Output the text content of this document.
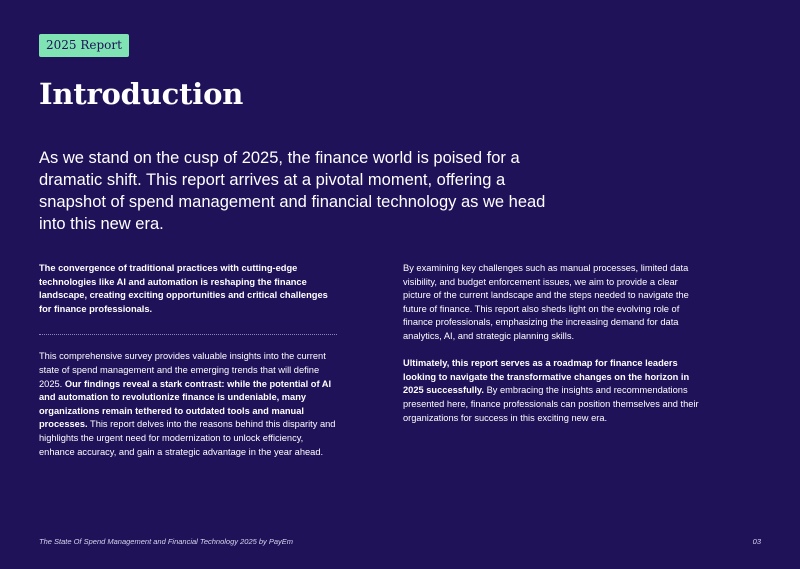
2025 Report
Introduction

As we stand on the cusp of 2025, the finance world is poised for a dramatic shift. This report arrives at a pivotal moment, offering a snapshot of spend management and financial technology as we head into this new era.

The convergence of traditional practices with cutting-edge technologies like AI and automation is reshaping the finance landscape, creating exciting opportunities and critical challenges for finance professionals.

This comprehensive survey provides valuable insights into the current state of spend management and the emerging trends that will define 2025. Our findings reveal a stark contrast: while the potential of AI and automation to revolutionize finance is undeniable, many organizations remain tethered to outdated tools and manual processes. This report delves into the reasons behind this disparity and highlights the urgent need for modernization to unlock efficiency, enhance accuracy, and gain a strategic advantage in the year ahead.

By examining key challenges such as manual processes, limited data visibility, and budget enforcement issues, we aim to provide a clear picture of the current landscape and the steps needed to navigate the future of finance. This report also sheds light on the evolving role of finance professionals, emphasizing the increasing demand for data analytics, AI, and strategic planning skills.

Ultimately, this report serves as a roadmap for finance leaders looking to navigate the transformative changes on the horizon in 2025 successfully. By embracing the insights and recommendations presented here, finance professionals can position themselves and their organizations for success in this exciting new era.

The State Of Spend Management and Financial Technology 2025 by PayEm	03
